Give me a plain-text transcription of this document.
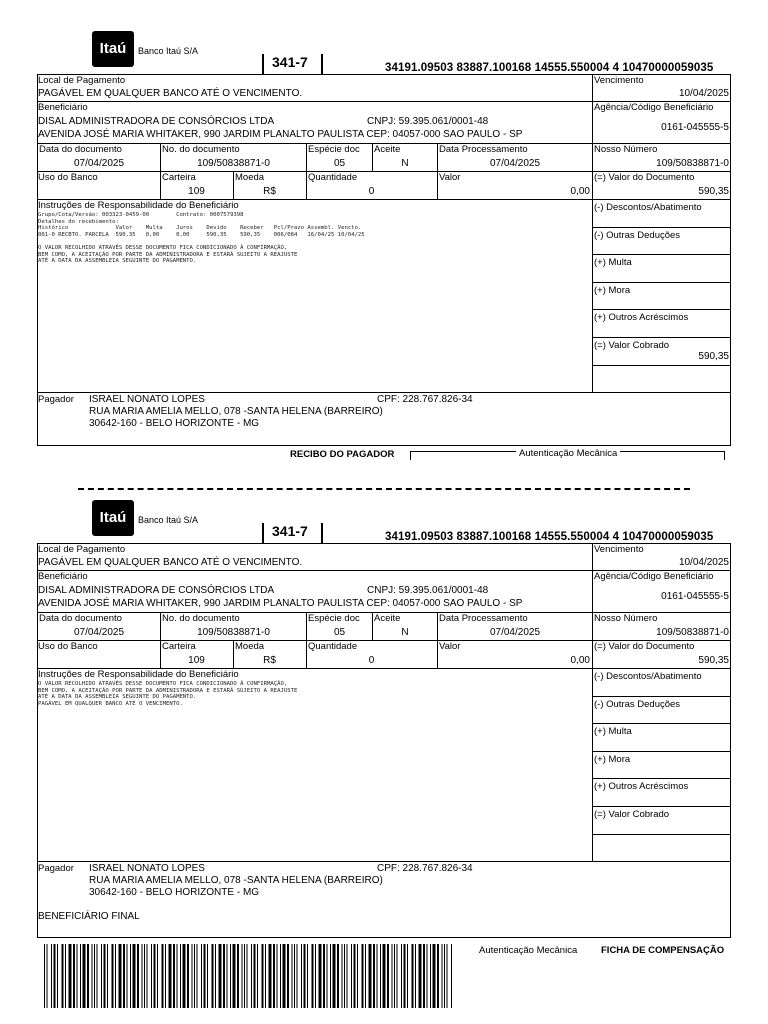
Itaú	Banco Itaú S/A
341-7	34191.09503 83887.100168 14555.550004 4 10470000059035
Local de Pagamento
PAGÁVEL EM QUALQUER BANCO ATÉ O VENCIMENTO.
Vencimento
10/04/2025
Beneficiário
DISAL ADMINISTRADORA DE CONSÓRCIOS LTDA	CNPJ: 59.395.061/0001-48
AVENIDA JOSÉ MARIA WHITAKER, 990 JARDIM PLANALTO PAULISTA CEP: 04057-000 SAO PAULO - SP
Agência/Código Beneficiário
0161-045555-5
Data do documento
07/04/2025
No. do documento
109/50838871-0
Espécie doc
05
Aceite
N
Data Processamento
07/04/2025
Nosso Número
109/50838871-0
Uso do Banco	Carteira
109
Moeda
R$
Quantidade
0
Valor
0,00
(=) Valor do Documento
590,35
Instruções de Responsabilidade do Beneficiário
Grupo/Cota/Versão: 003323-0459-00        Contrato: 0007579398
Detalhes do recebimento:
Histórico              Valor    Multa    Juros    Devido    Receber   Pcl/Prazo Assembl. Vencto.
001-0 RECBTO. PARCELA  590,35   0,00     0,00     590,35    590,35    006/084   16/04/25 10/04/25

O VALOR RECOLHIDO ATRAVÉS DESSE DOCUMENTO FICA CONDICIONADO À CONFIRMAÇÃO,
BEM COMO, A ACEITAÇÃO POR PARTE DA ADMINISTRADORA E ESTARÁ SUJEITO A REAJUSTE
ATÉ A DATA DA ASSEMBLEIA SEGUINTE DO PAGAMENTO.
(-) Descontos/Abatimento
(-) Outras Deduções
(+) Multa
(+) Mora
(+) Outros Acréscimos
(=) Valor Cobrado
590,35
Pagador ISRAEL NONATO LOPES	CPF: 228.767.826-34
RUA MARIA AMELIA MELLO, 078 -SANTA HELENA (BARREIRO)
30642-160 - BELO HORIZONTE - MG
Itaú	Banco Itaú S/A
341-7	34191.09503 83887.100168 14555.550004 4 10470000059035
Local de Pagamento
PAGÁVEL EM QUALQUER BANCO ATÉ O VENCIMENTO.
Vencimento
10/04/2025
Beneficiário
DISAL ADMINISTRADORA DE CONSÓRCIOS LTDA	CNPJ: 59.395.061/0001-48
AVENIDA JOSÉ MARIA WHITAKER, 990 JARDIM PLANALTO PAULISTA CEP: 04057-000 SAO PAULO - SP
Agência/Código Beneficiário
0161-045555-5
Data do documento
07/04/2025
No. do documento
109/50838871-0
Espécie doc
05
Aceite
N
Data Processamento
07/04/2025
Nosso Número
109/50838871-0
Uso do Banco	Carteira
109
Moeda
R$
Quantidade
0
Valor
0,00
(=) Valor do Documento
590,35
Instruções de Responsabilidade do Beneficiário
O VALOR RECOLHIDO ATRAVÉS DESSE DOCUMENTO FICA CONDICIONADO À CONFIRMAÇÃO,
BEM COMO, A ACEITAÇÃO POR PARTE DA ADMINISTRADORA E ESTARÁ SUJEITO A REAJUSTE
ATÉ A DATA DA ASSEMBLEIA SEGUINTE DO PAGAMENTO.
PAGÁVEL EM QUALQUER BANCO ATÉ O VENCIMENTO.
(-) Descontos/Abatimento
(-) Outras Deduções
(+) Multa
(+) Mora
(+) Outros Acréscimos
(=) Valor Cobrado
Pagador ISRAEL NONATO LOPES	CPF: 228.767.826-34
RUA MARIA AMELIA MELLO, 078 -SANTA HELENA (BARREIRO)
30642-160 - BELO HORIZONTE - MG
RECIBO DO PAGADOR	Autenticação Mecânica
BENEFICIÁRIO FINAL
Autenticação Mecânica	FICHA DE COMPENSAÇÃO
